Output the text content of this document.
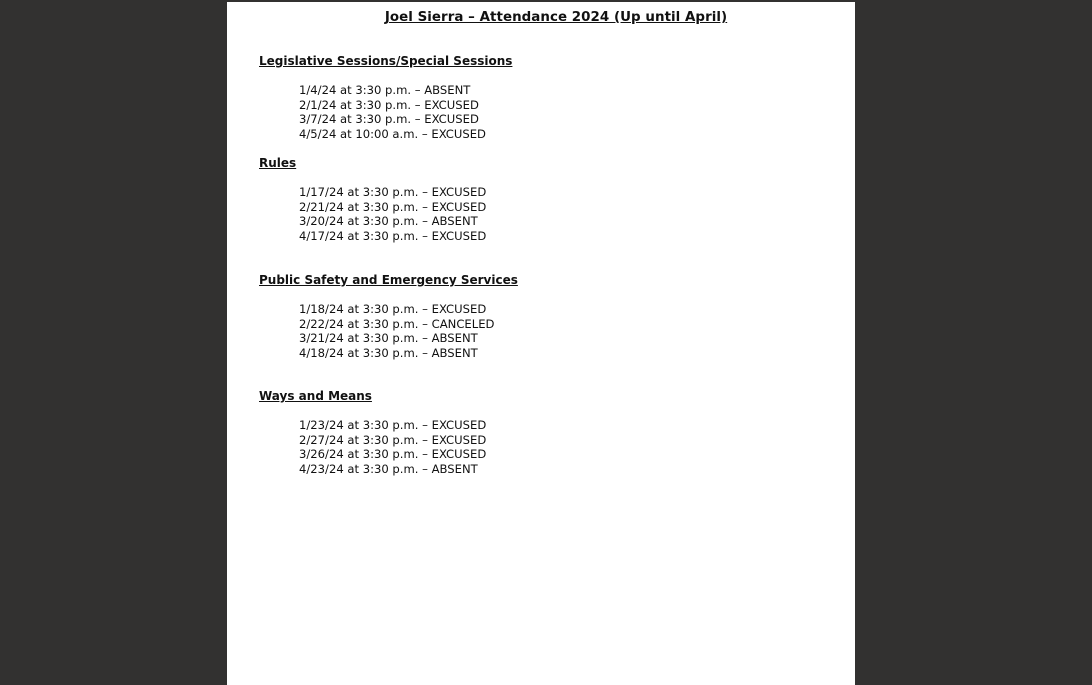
Joel Sierra – Attendance 2024 (Up until April)
Legislative Sessions/Special Sessions
1/4/24 at 3:30 p.m. – ABSENT
2/1/24 at 3:30 p.m. – EXCUSED
3/7/24 at 3:30 p.m. – EXCUSED
4/5/24 at 10:00 a.m. – EXCUSED
Rules
1/17/24 at 3:30 p.m. – EXCUSED
2/21/24 at 3:30 p.m. – EXCUSED
3/20/24 at 3:30 p.m. – ABSENT
4/17/24 at 3:30 p.m. – EXCUSED
Public Safety and Emergency Services
1/18/24 at 3:30 p.m. – EXCUSED
2/22/24 at 3:30 p.m. – CANCELED
3/21/24 at 3:30 p.m. – ABSENT
4/18/24 at 3:30 p.m. – ABSENT
Ways and Means
1/23/24 at 3:30 p.m. – EXCUSED
2/27/24 at 3:30 p.m. – EXCUSED
3/26/24 at 3:30 p.m. – EXCUSED
4/23/24 at 3:30 p.m. – ABSENT
